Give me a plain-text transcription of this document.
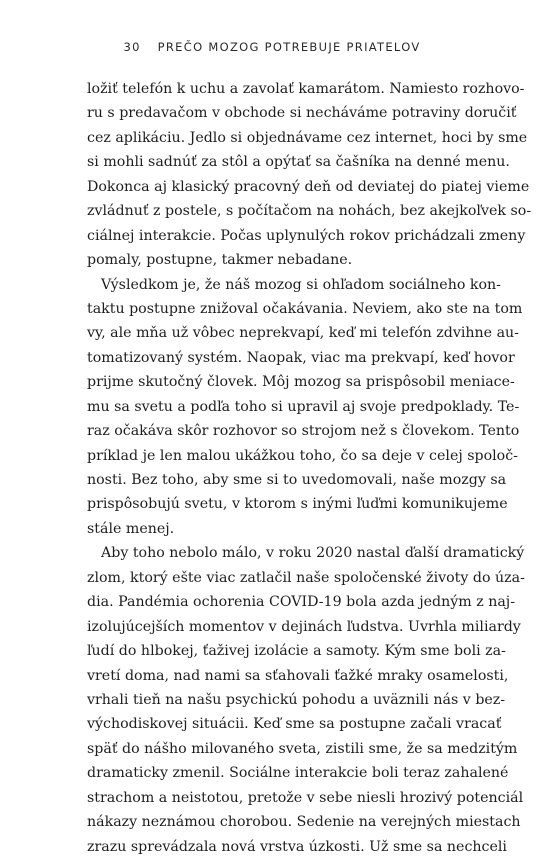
30 PREČO MOZOG POTREBUJE PRIATELOV
ložiť telefón k uchu a zavolať kamarátom. Namiesto rozhovo-
ru s predavačom v obchode si necháváme potraviny doručiť
cez aplikáciu. Jedlo si objednávame cez internet, hoci by sme
si mohli sadnúť za stôl a opýtať sa čašníka na denné menu.
Dokonca aj klasický pracovný deň od deviatej do piatej vieme
zvládnuť z postele, s počítačom na nohách, bez akejkoľvek so-
ciálnej interakcie. Počas uplynulých rokov prichádzali zmeny
pomaly, postupne, takmer nebadane.
Výsledkom je, že náš mozog si ohľadom sociálneho kon-
taktu postupne znižoval očakávania. Neviem, ako ste na tom
vy, ale mňa už vôbec neprekvapí, keď mi telefón zdvihne au-
tomatizovaný systém. Naopak, viac ma prekvapí, keď hovor
prijme skutočný človek. Môj mozog sa prispôsobil meniace-
mu sa svetu a podľa toho si upravil aj svoje predpoklady. Te-
raz očakáva skôr rozhovor so strojom než s človekom. Tento
príklad je len malou ukážkou toho, čo sa deje v celej spoloč-
nosti. Bez toho, aby sme si to uvedomovali, naše mozgy sa
prispôsobujú svetu, v ktorom s inými ľuďmi komunikujeme
stále menej.
Aby toho nebolo málo, v roku 2020 nastal ďalší dramatický
zlom, ktorý ešte viac zatlačil naše spoločenské životy do úza-
dia. Pandémia ochorenia COVID-19 bola azda jedným z naj-
izolujúcejších momentov v dejinách ľudstva. Uvrhla miliardy
ľudí do hlbokej, ťaživej izolácie a samoty. Kým sme boli za-
vretí doma, nad nami sa sťahovali ťažké mraky osamelosti,
vrhali tieň na našu psychickú pohodu a uväznili nás v bez-
východiskovej situácii. Keď sme sa postupne začali vracať
späť do nášho milovaného sveta, zistili sme, že sa medzitým
dramaticky zmenil. Sociálne interakcie boli teraz zahalené
strachom a neistotou, pretože v sebe niesli hrozivý potenciál
nákazy neznámou chorobou. Sedenie na verejných miestach
zrazu sprevádzala nová vrstva úzkosti. Už sme sa nechceli
